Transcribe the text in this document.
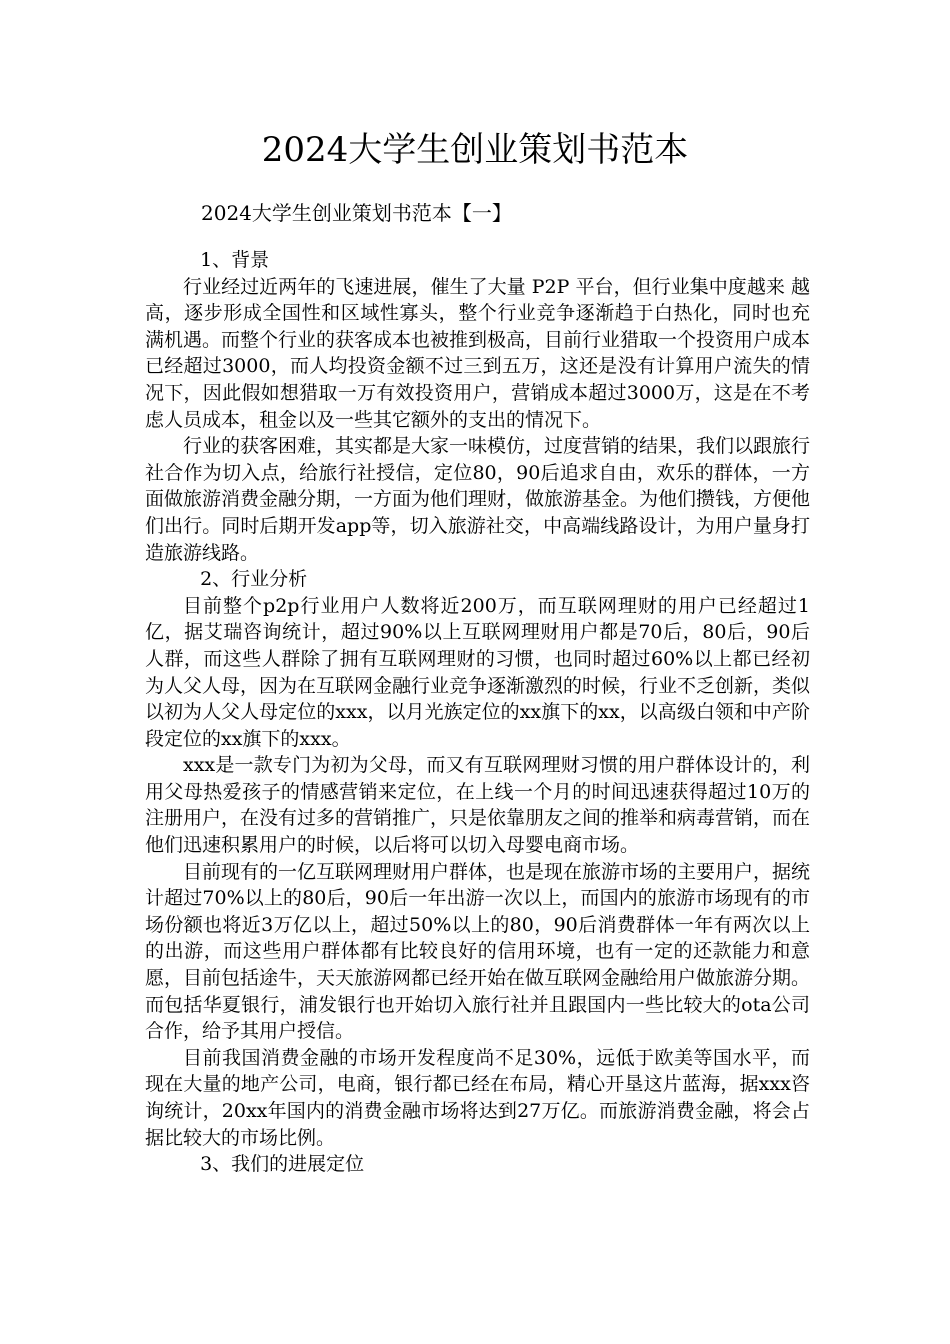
2024大学生创业策划书范本
2024大学生创业策划书范本【一】

1、背景

行业经过近两年的飞速进展，催生了大量 P2P 平台，但行业集中度越来 越高，逐步形成全国性和区域性寡头，整个行业竞争逐渐趋于白热化，同时也充 满机遇。而整个行业的获客成本也被推到极高，目前行业猎取一个投资用户成本已经超过3000，而人均投资金额不过三到五万，这还是没有计算用户流失的情况下，因此假如想猎取一万有效投资用户，营销成本超过3000万，这是在不考虑人员成本，租金以及一些其它额外的支出的情况下。

行业的获客困难，其实都是大家一味模仿，过度营销的结果，我们以跟旅行社合作为切入点，给旅行社授信，定位80，90后追求自由，欢乐的群体，一方面做旅游消费金融分期，一方面为他们理财，做旅游基金。为他们攒钱，方便他们出行。同时后期开发app等，切入旅游社交，中高端线路设计，为用户量身打造旅游线路。

2、行业分析

目前整个p2p行业用户人数将近200万，而互联网理财的用户已经超过1亿，据艾瑞咨询统计，超过90%以上互联网理财用户都是70后，80后，90后人群，而这些人群除了拥有互联网理财的习惯，也同时超过60%以上都已经初为人父人母，因为在互联网金融行业竞争逐渐激烈的时候，行业不乏创新，类似以初为人父人母定位的xxx，以月光族定位的xx旗下的xx，以高级白领和中产阶段定位的xx旗下的xxx。

xxx是一款专门为初为父母，而又有互联网理财习惯的用户群体设计的，利用父母热爱孩子的情感营销来定位，在上线一个月的时间迅速获得超过10万的注册用户，在没有过多的营销推广，只是依靠朋友之间的推举和病毒营销，而在他们迅速积累用户的时候，以后将可以切入母婴电商市场。

目前现有的一亿互联网理财用户群体，也是现在旅游市场的主要用户，据统计超过70%以上的80后，90后一年出游一次以上，而国内的旅游市场现有的市场份额也将近3万亿以上，超过50%以上的80，90后消费群体一年有两次以上的出游，而这些用户群体都有比较良好的信用环境，也有一定的还款能力和意愿，目前包括途牛，天天旅游网都已经开始在做互联网金融给用户做旅游分期。而包括华夏银行，浦发银行也开始切入旅行社并且跟国内一些比较大的ota公司合作，给予其用户授信。

目前我国消费金融的市场开发程度尚不足30%，远低于欧美等国水平，而现在大量的地产公司，电商，银行都已经在布局，精心开垦这片蓝海，据xxx咨询统计，20xx年国内的消费金融市场将达到27万亿。而旅游消费金融，将会占据比较大的市场比例。

3、我们的进展定位
